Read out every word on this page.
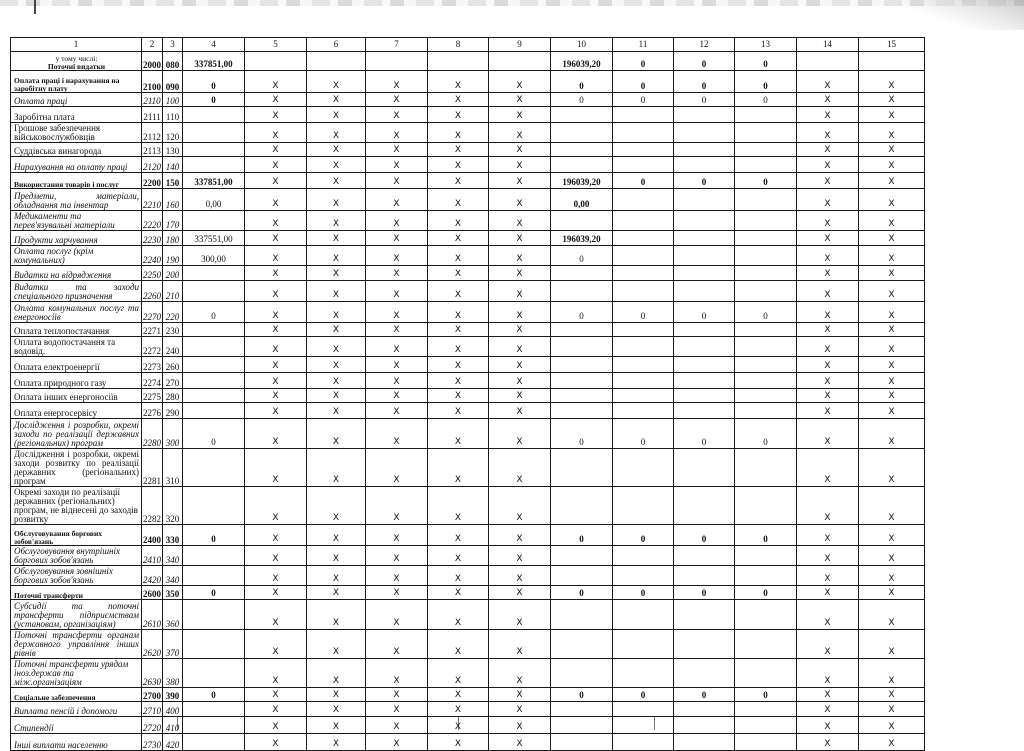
1	2	3	4	5	6	7	8	9	10	11	12	13	14	15

у тому числі:
Поточні видатки	2000	080	337851,00						196039,20	0	0	0		
Оплата праці і нарахування на заробітну плату	2100	090	0	X	X	X	X	X	0	0	0	0	X	X
Оплата праці	2110	100	0	X	X	X	X	X	0	0	0	0	X	X
Заробітна плата	2111	110		X	X	X	X	X					X	X
Грошове забезпечення військовослужбовців	2112	120		X	X	X	X	X					X	X
Суддівська винагорода	2113	130		X	X	X	X	X					X	X
Нарахування на оплату праці	2120	140		X	X	X	X	X					X	X
Використання товарів і послуг	2200	150	337851,00	X	X	X	X	X	196039,20	0	0	0	X	X
Предмети, матеріали, обладнання та інвентар	2210	160	0,00	X	X	X	X	X	0,00				X	X
Медикаменти та перев'язувальні матеріали	2220	170		X	X	X	X	X					X	X
Продукти харчування	2230	180	337551,00	X	X	X	X	X	196039,20				X	X
Оплата послуг (крім комунальних)	2240	190	300,00	X	X	X	X	X	0				X	X
Видатки на відрядження	2250	200		X	X	X	X	X					X	X
Видатки та заходи спеціального призначення	2260	210		X	X	X	X	X					X	X
Оплата комунальних послуг та енергоносіїв	2270	220	0	X	X	X	X	X	0	0	0	0	X	X
Оплата теплопостачання	2271	230		X	X	X	X	X					X	X
Оплата водопостачання та водовід.	2272	240		X	X	X	X	X					X	X
Оплата електроенергії	2273	260		X	X	X	X	X					X	X
Оплата природного газу	2274	270		X	X	X	X	X					X	X
Оплата інших енергоносіїв	2275	280		X	X	X	X	X					X	X
Оплата енергосервісу	2276	290		X	X	X	X	X					X	X
Дослідження і розробки, окремі заходи по реалізації державних (регіональних) програм	2280	300	0	X	X	X	X	X	0	0	0	0	X	X
Дослідження і розробки, окремі заходи розвитку по реалізації державних (регіональних) програм	2281	310		X	X	X	X	X					X	X
Окремі заходи по реалізації державних (регіональних) програм, не віднесені до заходів розвитку	2282	320		X	X	X	X	X					X	X
Обслуговування боргових зобов'язань	2400	330	0	X	X	X	X	X	0	0	0	0	X	X
Обслуговування внутрішніх боргових зобов'язань	2410	340		X	X	X	X	X					X	X
Обслуговування зовнішніх боргових зобов'язань	2420	340		X	X	X	X	X					X	X
Поточні трансферти	2600	350	0	X	X	X	X	X	0	0	0	0	X	X
Субсидії та поточні трансферти підприємствам (установам, організаціям)	2610	360		X	X	X	X	X					X	X
Поточні трансферти органам державного управління інших рівнів	2620	370		X	X	X	X	X					X	X
Поточні трансферти урядам іноз.держав та між.організаціям	2630	380		X	X	X	X	X					X	X
Соціальне забезпечення	2700	390	0	X	X	X	X	X	0	0	0	0	X	X
Виплата пенсій і допомоги	2710	400		X	X	X	X	X					X	X
Стипендії	2720	410		X	X	X	X	X					X	X
Інші виплати населенню	2730	420		X	X	X	X	X					X	X
